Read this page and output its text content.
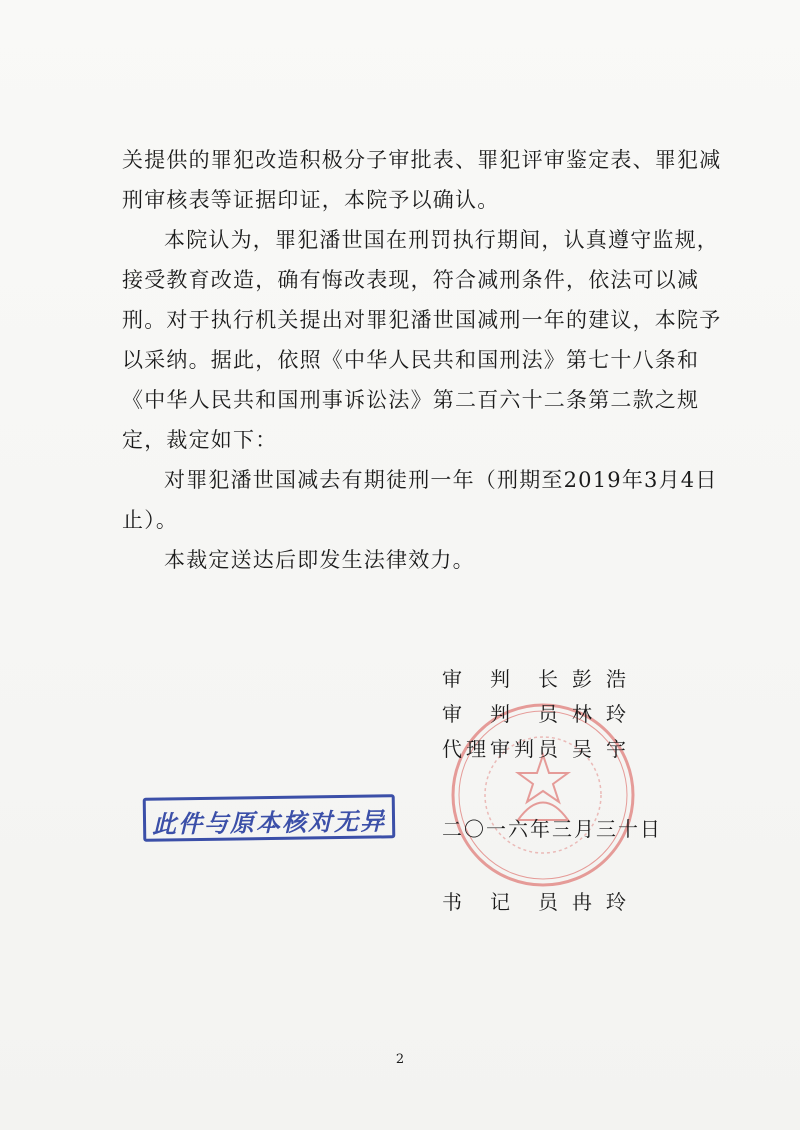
关提供的罪犯改造积极分子审批表、罪犯评审鉴定表、罪犯减刑审核表等证据印证，本院予以确认。

本院认为，罪犯潘世国在刑罚执行期间，认真遵守监规，接受教育改造，确有悔改表现，符合减刑条件，依法可以减刑。对于执行机关提出对罪犯潘世国减刑一年的建议，本院予以采纳。据此，依照《中华人民共和国刑法》第七十八条和《中华人民共和国刑事诉讼法》第二百六十二条第二款之规定，裁定如下：

对罪犯潘世国减去有期徒刑一年（刑期至2019年3月4日止）。

本裁定送达后即发生法律效力。

审判长 彭浩
审判员 林玲
代理审判员 吴宇
此件与原本核对无异	二〇一六年三月三十日
书记员 冉玲
2
